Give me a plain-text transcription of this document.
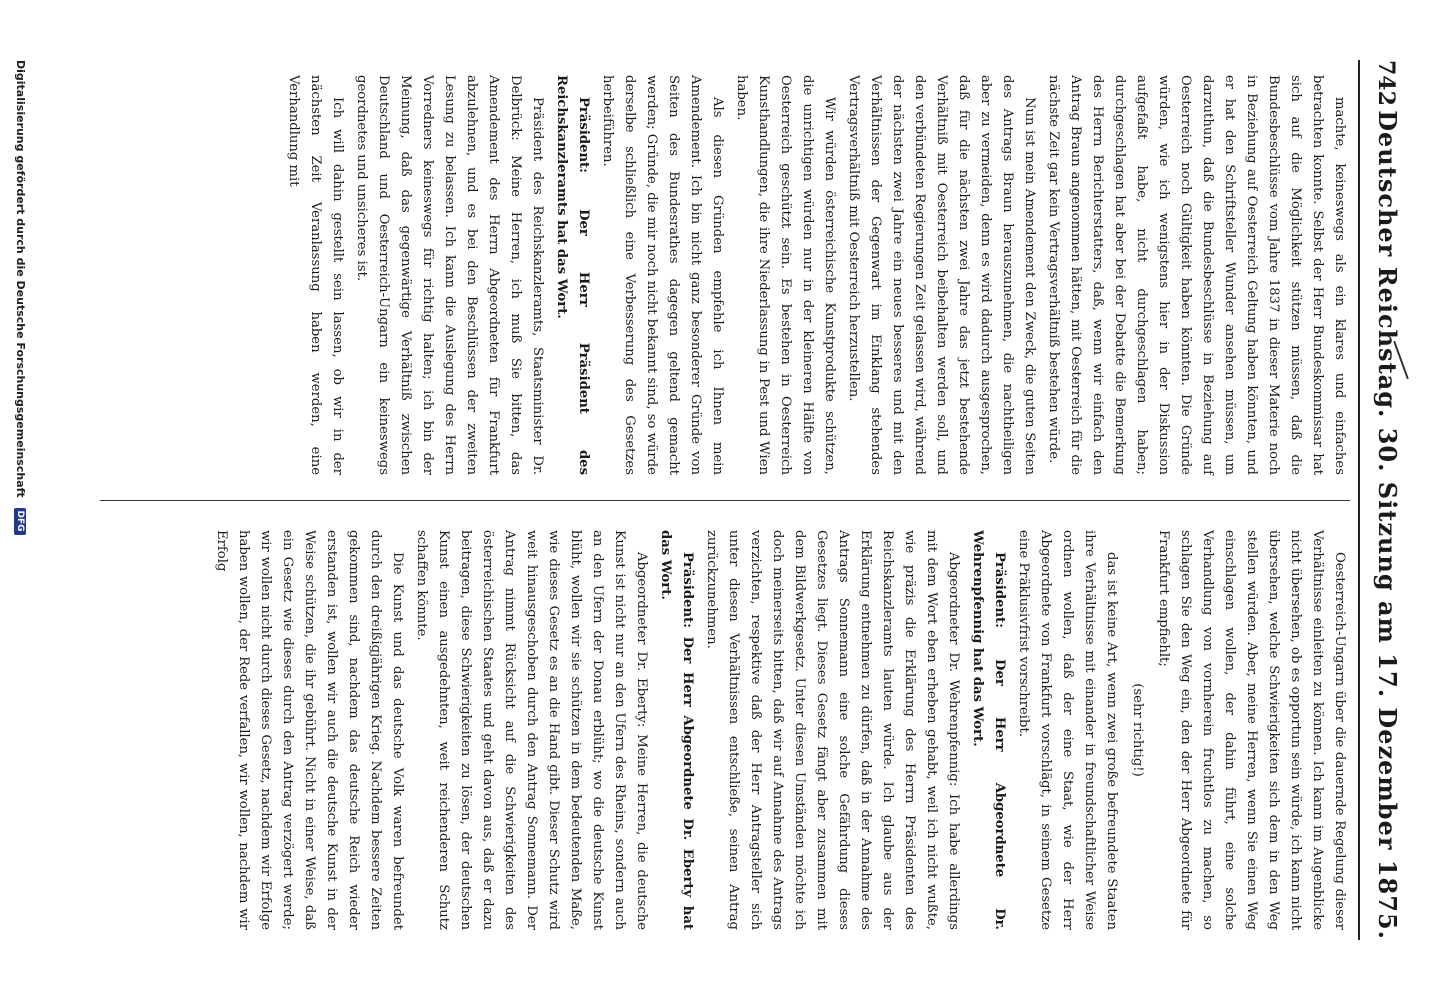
742
Deutscher Reichstag. 30. Sitzung am 17. Dezember 1875.

machte, keineswegs als ein klares und einfaches betrachten konnte. Selbst der Herr Bundeskommissar hat sich auf die Möglichkeit stützen müssen, daß die Bundesbeschlüsse vom Jahre 1837 in dieser Materie noch in Beziehung auf Oesterreich Geltung haben könnten, und er hat den Schriftsteller Wunder ansehen müssen, um darzuthun, daß die Bundesbeschlüsse in Beziehung auf Oesterreich noch Gültigkeit haben könnten. Die Gründe würden, wie ich wenigstens hier in der Diskussion aufgefaßt habe, nicht durchgeschlagen haben; durchgeschlagen hat aber bei der Debatte die Bemerkung des Herrn Berichterstatters, daß, wenn wir einfach den Antrag Braun angenommen hätten, mit Oesterreich für die nächste Zeit gar kein Vertragsverhältniß bestehen würde.

Nun ist mein Amendement den Zweck, die guten Seiten des Antrags Braun herauszunehmen, die nachtheiligen aber zu vermeiden, denn es wird dadurch ausgesprochen, daß für die nächsten zwei Jahre das jetzt bestehende Verhältniß mit Oesterreich beibehalten werden soll, und den verbündeten Regierungen Zeit gelassen wird, während der nächsten zwei Jahre ein neues besseres und mit den Verhältnissen der Gegenwart im Einklang stehendes Vertragsverhältniß mit Oesterreich herzustellen.

Wir würden österreichische Kunstprodukte schützen, die unrichtigen würden nur in der kleineren Hälfte von Oesterreich geschützt sein. Es bestehen in Oesterreich Kunsthandlungen, die ihre Niederlassung in Pest und Wien haben.

Als diesen Gründen empfehle ich Ihnen mein Amendement. Ich bin nicht ganz besonderer Gründe von Seiten des Bundesrathes dagegen geltend gemacht werden; Gründe, die mir noch nicht bekannt sind, so würde derselbe schließlich eine Verbesserung des Gesetzes herbeiführen.

Präsident: Der Herr Präsident des Reichskanzleramts hat das Wort.

Präsident des Reichskanzleramts, Staatsminister Dr. Delbrück: Meine Herren, ich muß Sie bitten, das Amendement des Herrn Abgeordneten für Frankfurt abzulehnen, und es bei den Beschlüssen der zweiten Lesung zu belassen. Ich kann die Auslegung des Herrn Vorredners keineswegs für richtig halten; ich bin der Meinung, daß das gegenwärtige Verhältniß zwischen Deutschland und Oesterreich-Ungarn ein keineswegs geordnetes und unsicheres ist.

Ich will dahin gestellt sein lassen, ob wir in der nächsten Zeit Veranlassung haben werden, eine Verhandlung mit

Oesterreich-Ungarn über die dauernde Regelung dieser Verhältnisse einleiten zu können. Ich kann im Augenblicke nicht übersehen, ob es opportun sein würde, ich kann nicht übersehen, welche Schwierigkeiten sich dem in den Weg stellen würden. Aber, meine Herren, wenn Sie einen Weg einschlagen wollen, der dahin führt, eine solche Verhandlung von vornherein fruchtlos zu machen, so schlagen Sie den Weg ein, den der Herr Abgeordnete für Frankfurt empfiehlt;

(sehr richtig!)

das ist keine Art, wenn zwei große befreundete Staaten ihre Verhältnisse mit einander in freundschaftlicher Weise ordnen wollen, daß der eine Staat, wie der Herr Abgeordnete von Frankfurt vorschlägt, in seinem Gesetze eine Präklusivfrist vorschreibt.

Präsident: Der Herr Abgeordnete Dr. Wehrenpfennig hat das Wort.

Abgeordneter Dr. Wehrenpfennig: Ich habe allerdings mit dem Wort eben erheben gehabt, weil ich nicht wußte, wie präzis die Erklärung des Herrn Präsidenten des Reichskanzleramts lauten würde. Ich glaube aus der Erklärung entnehmen zu dürfen, daß in der Annahme des Antrags Sonnemann eine solche Gefährdung dieses Gesetzes liegt. Dieses Gesetz fängt aber zusammen mit dem Bildwerkgesetz. Unter diesen Umständen möchte ich doch meinerseits bitten, daß wir auf Annahme des Antrags verzichten, respektive daß der Herr Antragsteller sich unter diesen Verhältnissen entschließe, seinen Antrag zurückzunehmen.

Präsident: Der Herr Abgeordnete Dr. Eberty hat das Wort.

Abgeordneter Dr. Eberty: Meine Herren, die deutsche Kunst ist nicht nur an den Ufern des Rheins, sondern auch an den Ufern der Donau erblüht; wo die deutsche Kunst blüht, wollen wir sie schützen in dem bedeutenden Maße, wie dieses Gesetz es an die Hand gibt. Dieser Schutz wird weit hinausgeschoben durch den Antrag Sonnemann. Der Antrag nimmt Rücksicht auf die Schwierigkeiten des österreichischen Staates und geht davon aus, daß er dazu beitragen, diese Schwierigkeiten zu lösen, der deutschen Kunst einen ausgedehnten, weit reichenderen Schutz schaffen könnte.

Die Kunst und das deutsche Volk waren befreundet durch den dreißigjährigen Krieg. Nachdem bessere Zeiten gekommen sind, nachdem das deutsche Reich wieder erstanden ist, wollen wir auch die deutsche Kunst in der Weise schützen, die ihr gebührt. Nicht in einer Weise, daß ein Gesetz wie dieses durch den Antrag verzögert werde; wir wollen nicht durch dieses Gesetz, nachdem wir Erfolge haben wollen, der Rede verfallen, wir wollen, nachdem wir Erfolg

Digitalisierung gefördert durch die Deutsche Forschungsgemeinschaft DFG
